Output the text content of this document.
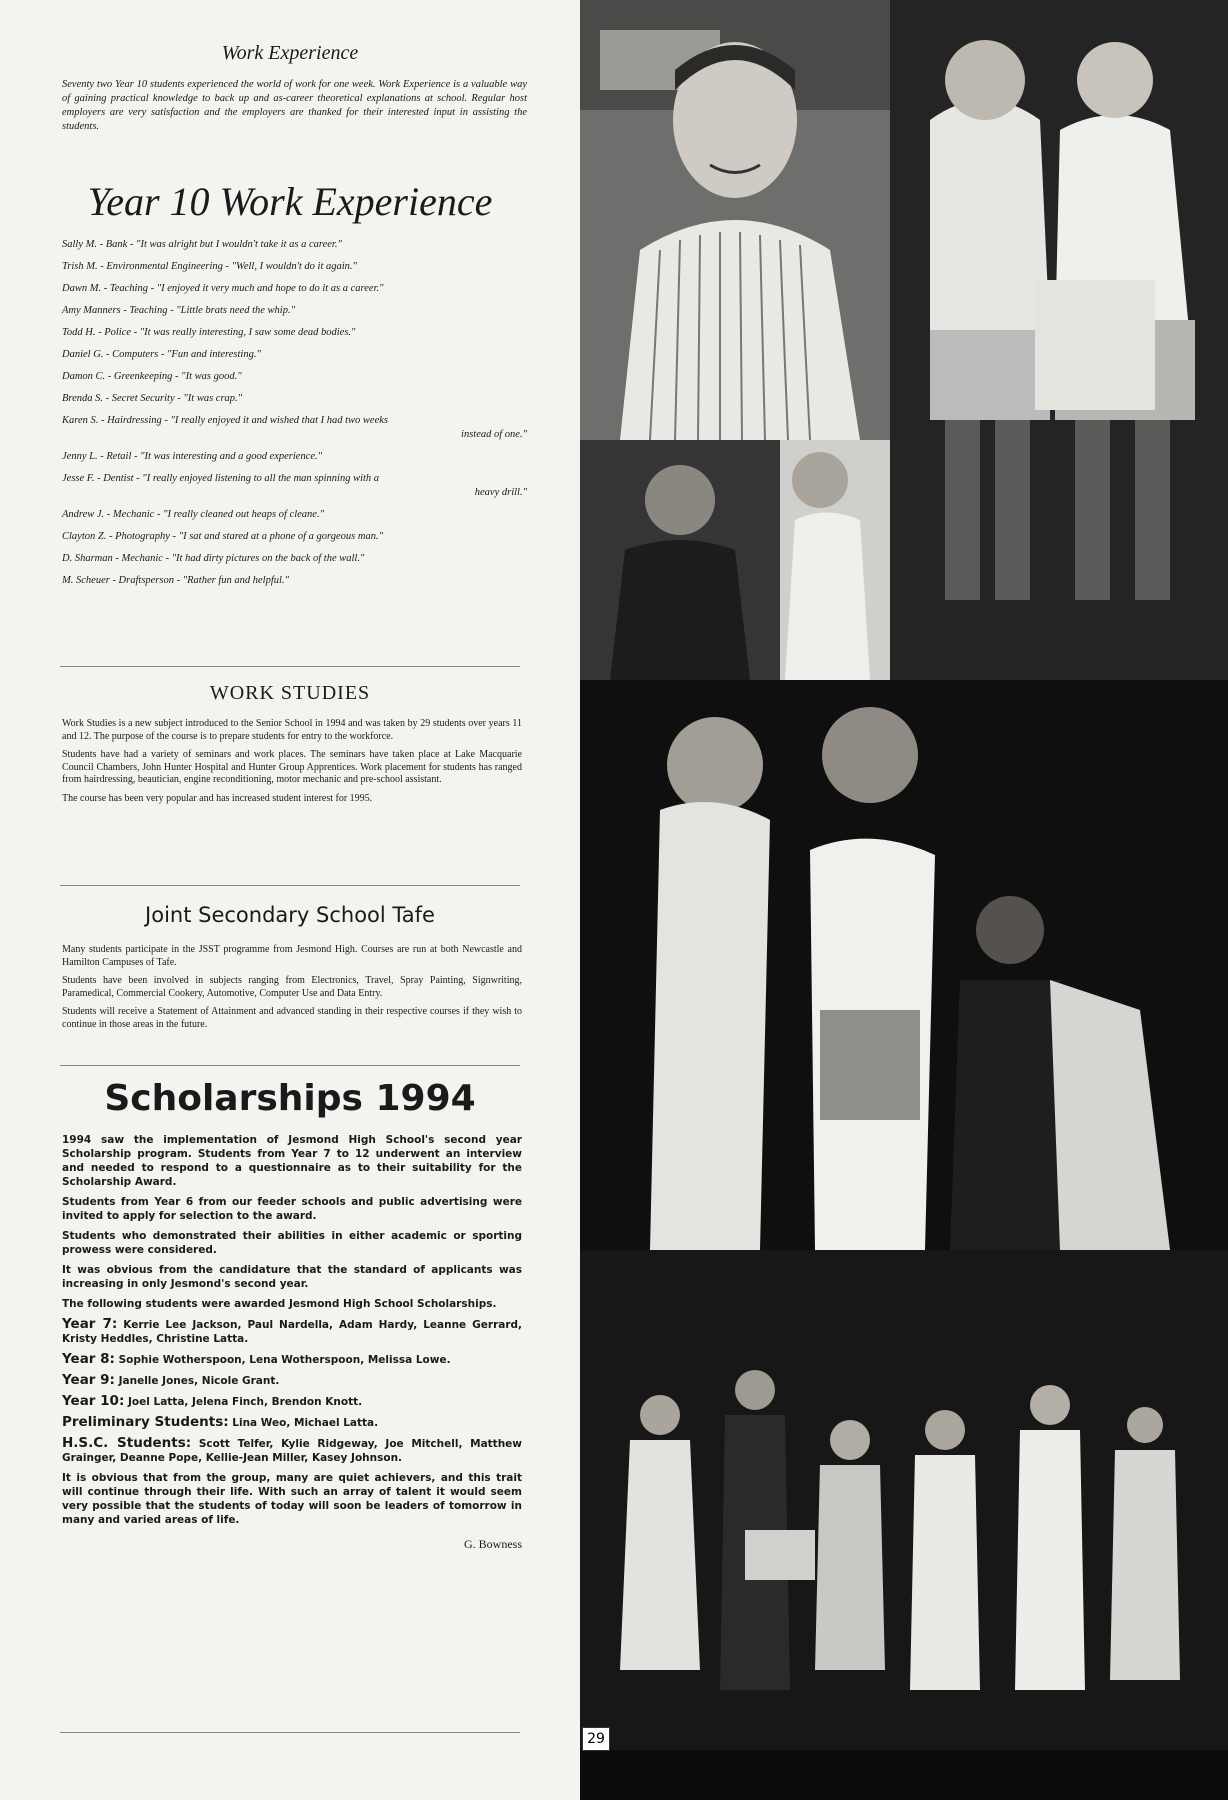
Work Experience
Seventy two Year 10 students experienced the world of work for one week. Work Experience is a valuable way of gaining practical knowledge to back up and as-career theoretical explanations at school. Regular host employers are very satisfaction and the employers are thanked for their interested input in assisting the students.
Year 10 Work Experience
Sally M. - Bank - "It was alright but I wouldn't take it as a career."
Trish M. - Environmental Engineering - "Well, I wouldn't do it again."
Dawn M. - Teaching - "I enjoyed it very much and hope to do it as a career."
Amy Manners - Teaching - "Little brats need the whip."
Todd H. - Police - "It was really interesting, I saw some dead bodies."
Daniel G. - Computers - "Fun and interesting."
Damon C. - Greenkeeping - "It was good."
Brenda S. - Secret Security - "It was crap."
Karen S. - Hairdressing - "I really enjoyed it and wished that I had two weeks
instead of one."
Jenny L. - Retail - "It was interesting and a good experience."
Jesse F. - Dentist - "I really enjoyed listening to all the man spinning with a
heavy drill."
Andrew J. - Mechanic - "I really cleaned out heaps of cleane."
Clayton Z. - Photography - "I sat and stared at a phone of a gorgeous man."
D. Sharman - Mechanic - "It had dirty pictures on the back of the wall."
M. Scheuer - Draftsperson - "Rather fun and helpful."
WORK STUDIES

Work Studies is a new subject introduced to the Senior School in 1994 and was taken by 29 students over years 11 and 12. The purpose of the course is to prepare students for entry to the workforce.

Students have had a variety of seminars and work places. The seminars have taken place at Lake Macquarie Council Chambers, John Hunter Hospital and Hunter Group Apprentices. Work placement for students has ranged from hairdressing, beautician, engine reconditioning, motor mechanic and pre-school assistant.

The course has been very popular and has increased student interest for 1995.

Joint Secondary School Tafe

Many students participate in the JSST programme from Jesmond High. Courses are run at both Newcastle and Hamilton Campuses of Tafe.

Students have been involved in subjects ranging from Electronics, Travel, Spray Painting, Signwriting, Paramedical, Commercial Cookery, Automotive, Computer Use and Data Entry.

Students will receive a Statement of Attainment and advanced standing in their respective courses if they wish to continue in those areas in the future.

Scholarships 1994

1994 saw the implementation of Jesmond High School's second year Scholarship program. Students from Year 7 to 12 underwent an interview and needed to respond to a questionnaire as to their suitability for the Scholarship Award.

Students from Year 6 from our feeder schools and public advertising were invited to apply for selection to the award.

Students who demonstrated their abilities in either academic or sporting prowess were considered.

It was obvious from the candidature that the standard of applicants was increasing in only Jesmond's second year.

The following students were awarded Jesmond High School Scholarships.

Year 7: Kerrie Lee Jackson, Paul Nardella, Adam Hardy, Leanne Gerrard, Kristy Heddles, Christine Latta.

Year 8: Sophie Wotherspoon, Lena Wotherspoon, Melissa Lowe.

Year 9: Janelle Jones, Nicole Grant.

Year 10: Joel Latta, Jelena Finch, Brendon Knott.

Preliminary Students: Lina Weo, Michael Latta.

H.S.C. Students: Scott Telfer, Kylie Ridgeway, Joe Mitchell, Matthew Grainger, Deanne Pope, Kellie-Jean Miller, Kasey Johnson.

It is obvious that from the group, many are quiet achievers, and this trait will continue through their life. With such an array of talent it would seem very possible that the students of today will soon be leaders of tomorrow in many and varied areas of life.

G. Bowness
29
